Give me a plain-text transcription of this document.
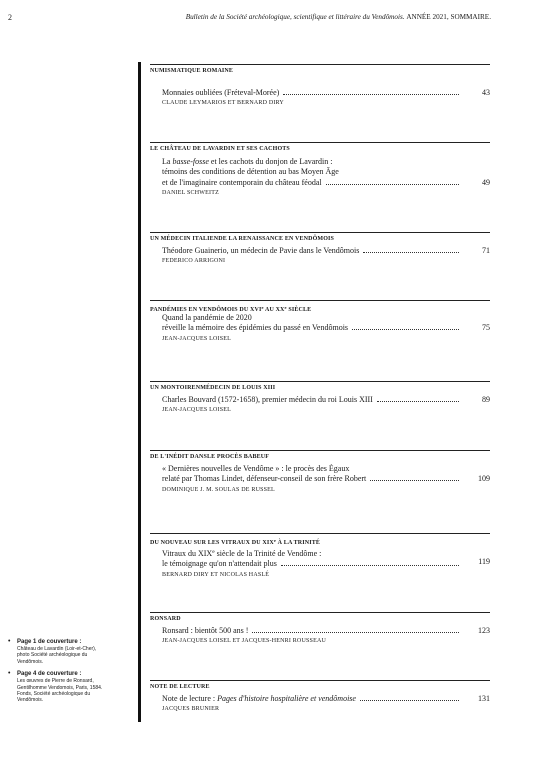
2	Bulletin de la Société archéologique, scientifique et littéraire du Vendômois. ANNÉE 2021, SOMMAIRE.
NUMISMATIQUE ROMAINE
Monnaies oubliées (Fréteval-Morée)	43
CLAUDE LEYMARIOS ET BERNARD DIRY
LE CHÂTEAU DE LAVARDIN ET SES CACHOTS
La basse-fosse et les cachots du donjon de Lavardin :
témoins des conditions de détention au bas Moyen Âge
et de l'imaginaire contemporain du château féodal	49
DANIEL SCHWEITZ
UN MÉDECIN ITALIENDE LA RENAISSANCE EN VENDÔMOIS
Théodore Guainerio, un médecin de Pavie dans le Vendômois	71
FEDERICO ARRIGONI
PANDÉMIES EN VENDÔMOIS DU XVIe AU XXe SIÈCLE
Quand la pandémie de 2020
réveille la mémoire des épidémies du passé en Vendômois	75
JEAN-JACQUES LOISEL
UN MONTOIRENMÉDECIN DE LOUIS XIII
Charles Bouvard (1572-1658), premier médecin du roi Louis XIII	89
JEAN-JACQUES LOISEL
DE L'INÉDIT DANSLE PROCÈS BABEUF
« Dernières nouvelles de Vendôme » : le procès des Égaux
relaté par Thomas Lindet, défenseur-conseil de son frère Robert	109
DOMINIQUE J. M. SOULAS DE RUSSEL
DU NOUVEAU SUR LES VITRAUX DU XIXe À LA TRINITÉ
Vitraux du XIXe siècle de la Trinité de Vendôme :
le témoignage qu'on n'attendait plus	119
BERNARD DIRY ET NICOLAS HASLÉ
RONSARD
Ronsard : bientôt 500 ans !	123
JEAN-JACQUES LOISEL ET JACQUES-HENRI ROUSSEAU
NOTE DE LECTURE
Note de lecture : Pages d'histoire hospitalière et vendômoise	131
JACQUES BRUNIER
• Page 1 de couverture :
Château de Lavardin (Loir-et-Cher), photo Société archéologique du Vendômois.
• Page 4 de couverture :
Les œuvres de Pierre de Ronsard, Gentilhomme Vendomois, Paris, 1584. Fonds, Société archéologique du Vendômois.
